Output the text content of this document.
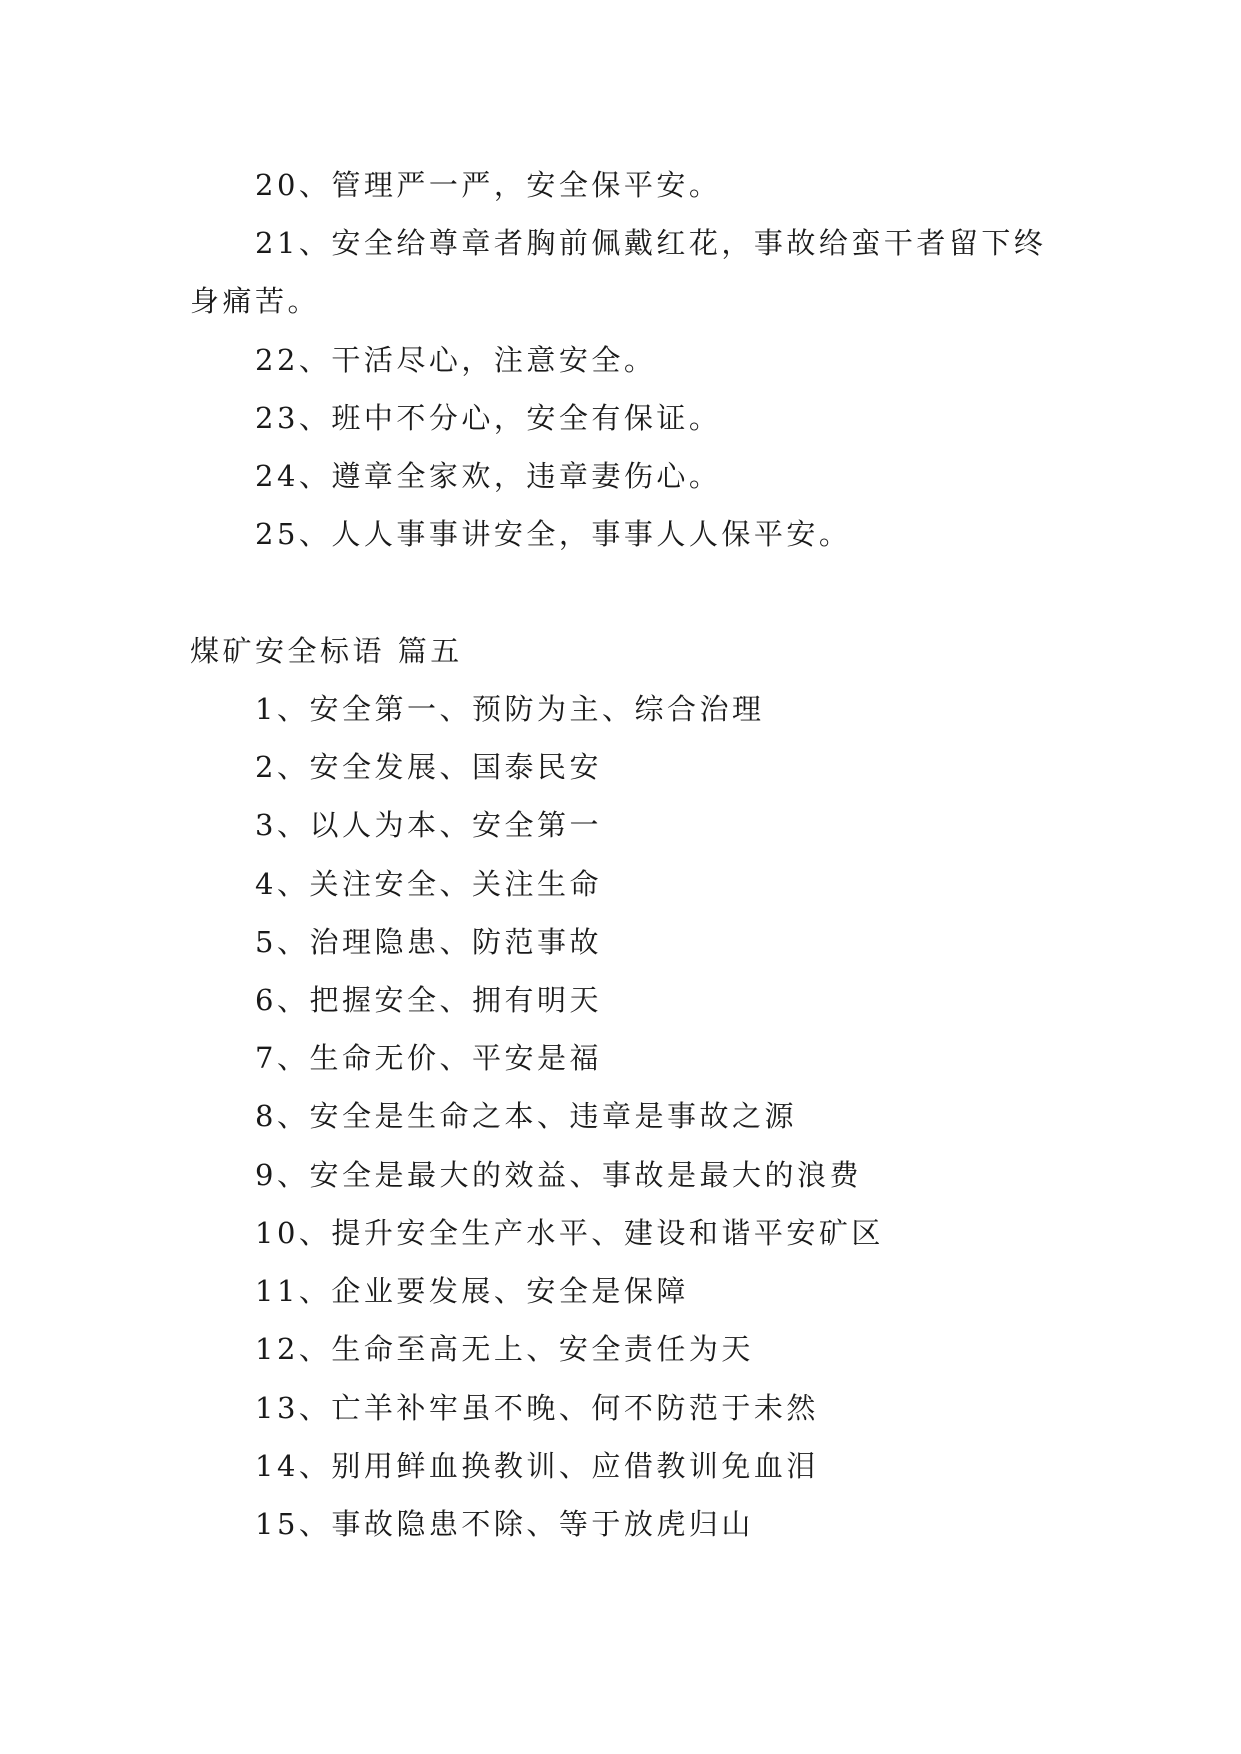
20、管理严一严，安全保平安。
21、安全给尊章者胸前佩戴红花，事故给蛮干者留下终
身痛苦。
22、干活尽心，注意安全。
23、班中不分心，安全有保证。
24、遵章全家欢，违章妻伤心。
25、人人事事讲安全，事事人人保平安。
煤矿安全标语 篇五
1、安全第一、预防为主、综合治理
2、安全发展、国泰民安
3、以人为本、安全第一
4、关注安全、关注生命
5、治理隐患、防范事故
6、把握安全、拥有明天
7、生命无价、平安是福
8、安全是生命之本、违章是事故之源
9、安全是最大的效益、事故是最大的浪费
10、提升安全生产水平、建设和谐平安矿区
11、企业要发展、安全是保障
12、生命至高无上、安全责任为天
13、亡羊补牢虽不晚、何不防范于未然
14、别用鲜血换教训、应借教训免血泪
15、事故隐患不除、等于放虎归山
